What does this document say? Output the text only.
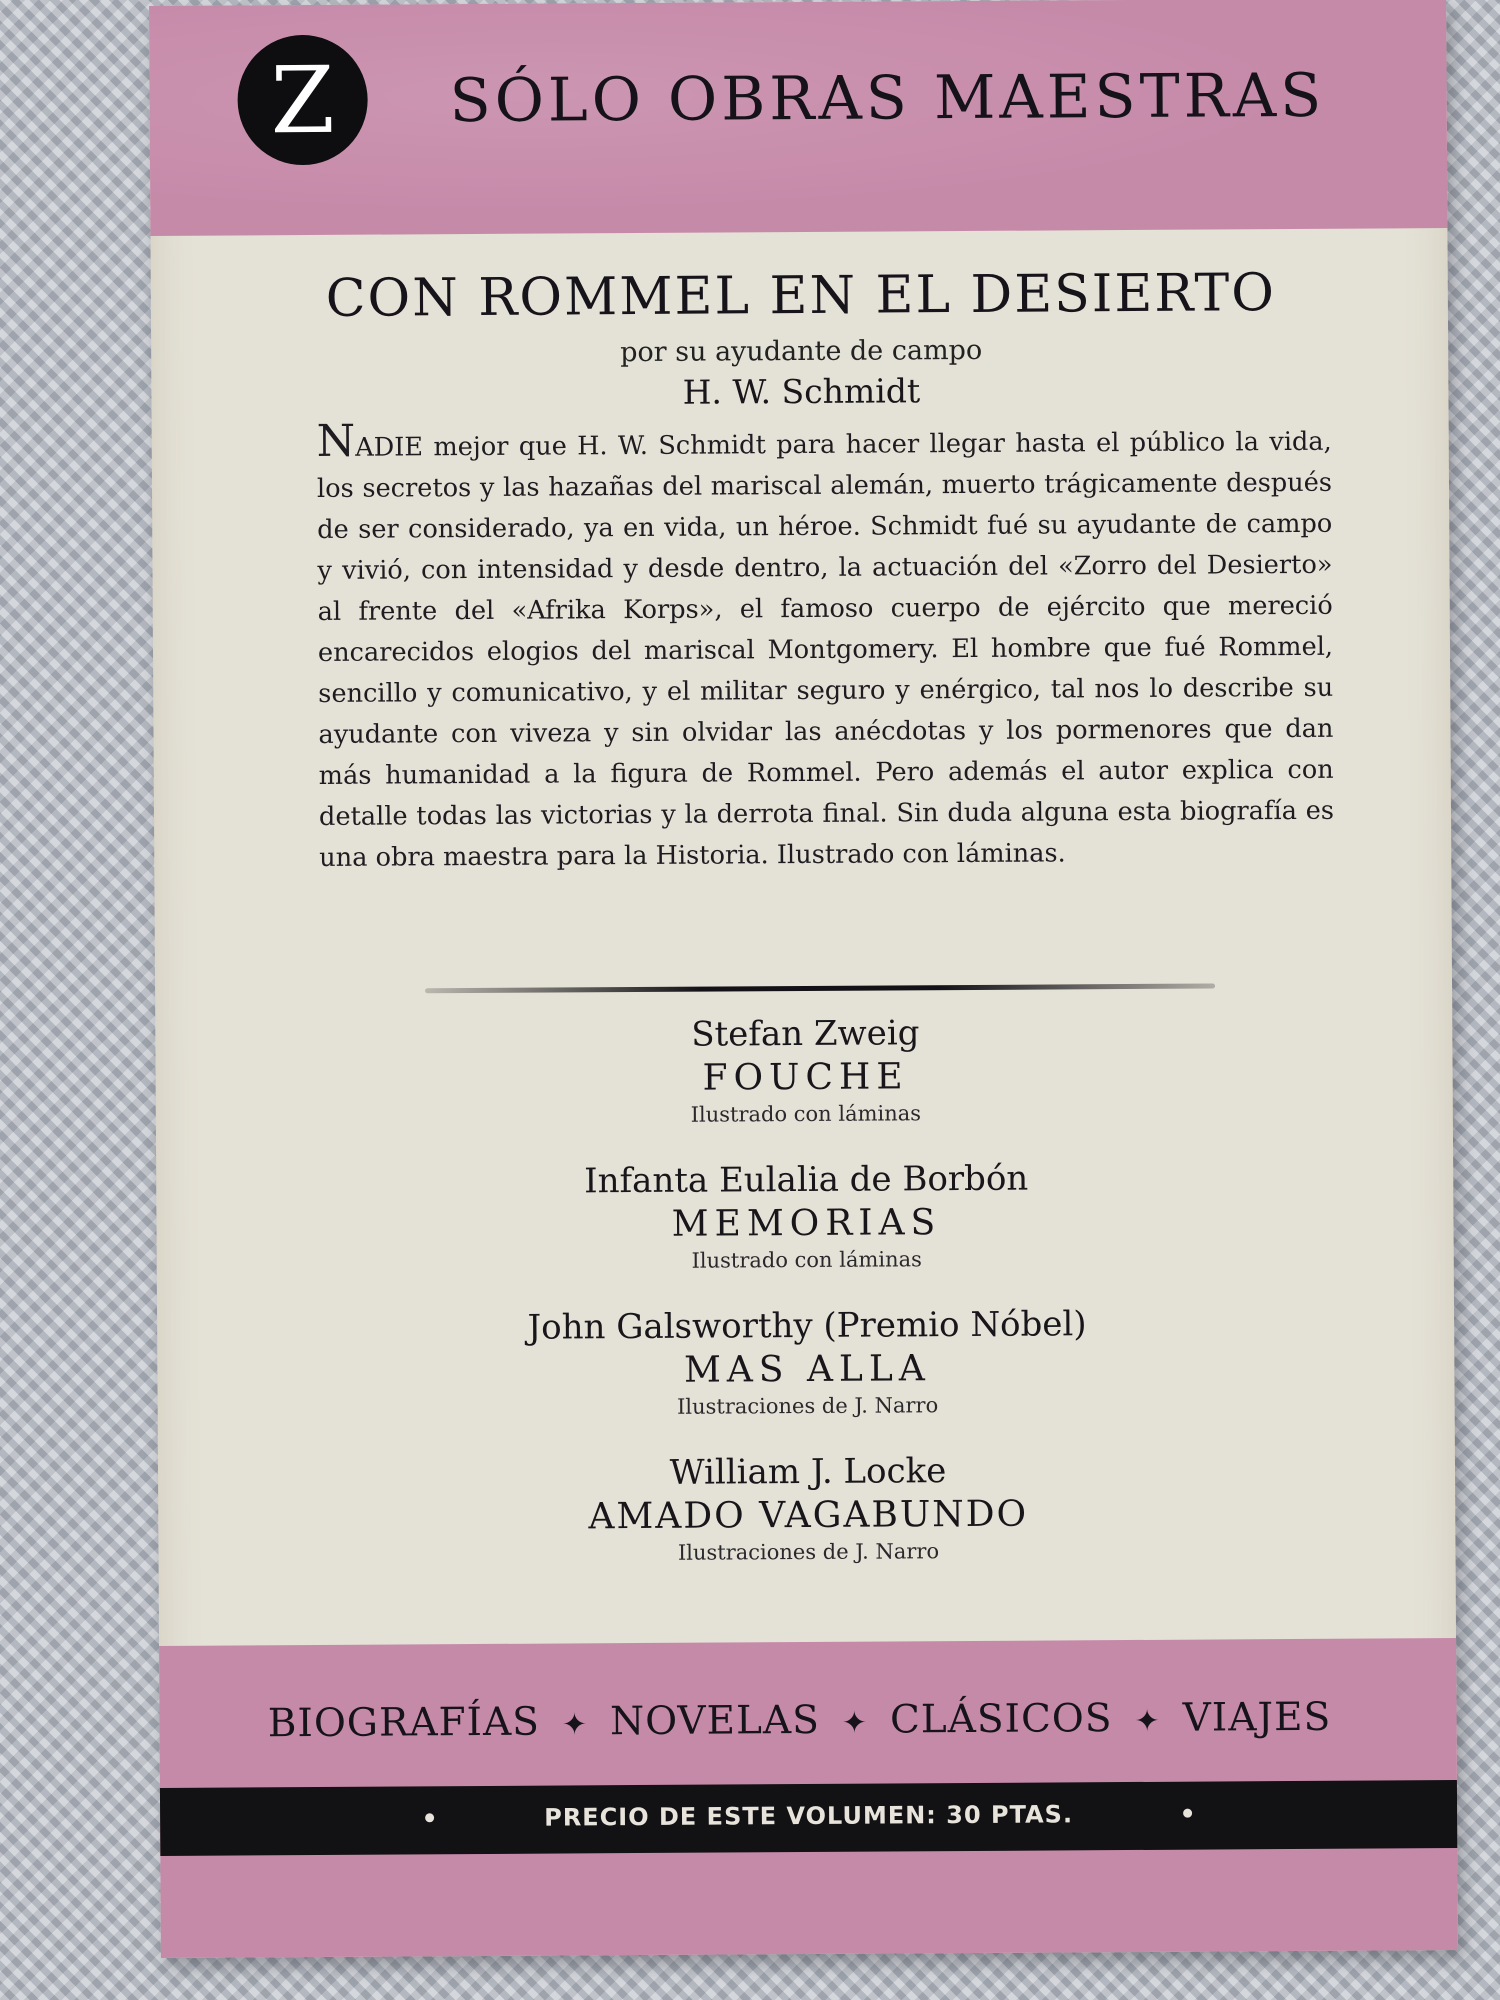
Z SÓLO OBRAS MAESTRAS
CON ROMMEL EN EL DESIERTO
por su ayudante de campo
H. W. Schmidt
NADIE mejor que H. W. Schmidt para hacer llegar hasta el público la vida, los secretos y las hazañas del mariscal alemán, muerto trágicamente después de ser considerado, ya en vida, un héroe. Schmidt fué su ayudante de campo y vivió, con intensidad y desde dentro, la actuación del «Zorro del Desierto» al frente del «Afrika Korps», el famoso cuerpo de ejército que mereció encarecidos elogios del mariscal Montgomery. El hombre que fué Rommel, sencillo y comunicativo, y el militar seguro y enérgico, tal nos lo describe su ayudante con viveza y sin olvidar las anécdotas y los pormenores que dan más humanidad a la figura de Rommel. Pero además el autor explica con detalle todas las victorias y la derrota final. Sin duda alguna esta biografía es una obra maestra para la Historia. Ilustrado con láminas.
Stefan Zweig
FOUCHE
Ilustrado con láminas
Infanta Eulalia de Borbón
MEMORIAS
Ilustrado con láminas
John Galsworthy (Premio Nóbel)
MAS ALLA
Ilustraciones de J. Narro
William J. Locke
AMADO VAGABUNDO
Ilustraciones de J. Narro
BIOGRAFÍAS ✦ NOVELAS ✦ CLÁSICOS ✦ VIAJES
PRECIO DE ESTE VOLUMEN: 30 PTAS.
